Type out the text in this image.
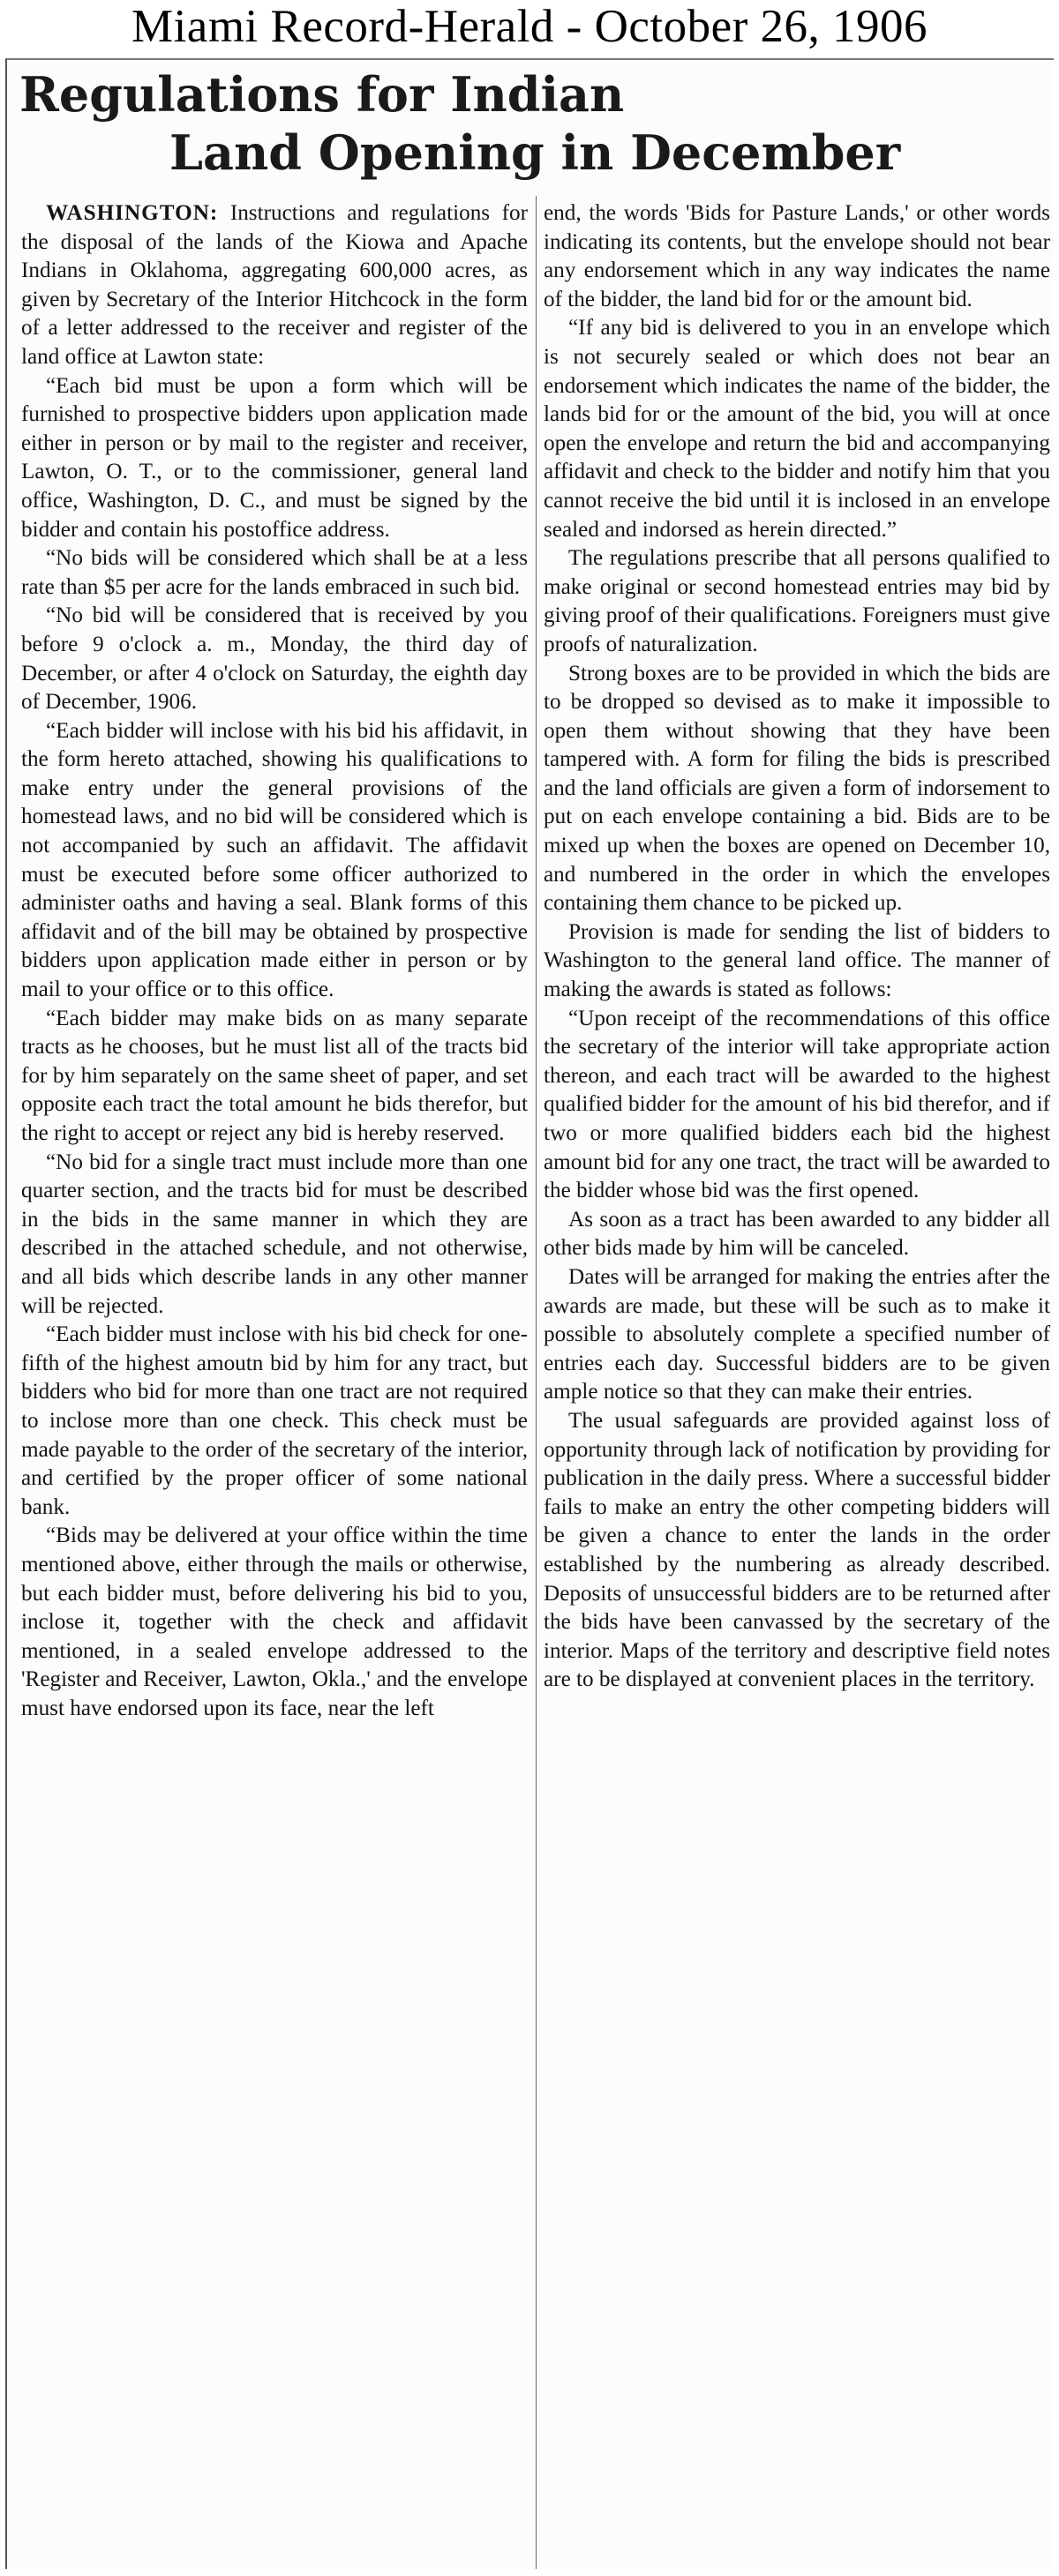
Miami Record-Herald - October 26, 1906
Regulations for Indian
Land Opening in December

WASHINGTON: Instructions and regulations for the disposal of the lands of the Kiowa and Apache Indians in Oklahoma, aggregating 600,000 acres, as given by Secretary of the Interior Hitchcock in the form of a letter addressed to the receiver and register of the land office at Lawton state:

“Each bid must be upon a form which will be furnished to prospective bidders upon application made either in person or by mail to the register and receiver, Lawton, O. T., or to the commissioner, general land office, Washington, D. C., and must be signed by the bidder and contain his postoffice address.

“No bids will be considered which shall be at a less rate than $5 per acre for the lands embraced in such bid.

“No bid will be considered that is received by you before 9 o'clock a. m., Monday, the third day of December, or after 4 o'clock on Saturday, the eighth day of December, 1906.

“Each bidder will inclose with his bid his affidavit, in the form hereto attached, showing his qualifications to make entry under the general provisions of the homestead laws, and no bid will be considered which is not accompanied by such an affidavit. The affidavit must be executed before some officer authorized to administer oaths and having a seal. Blank forms of this affidavit and of the bill may be obtained by prospective bidders upon application made either in person or by mail to your office or to this office.

“Each bidder may make bids on as many separate tracts as he chooses, but he must list all of the tracts bid for by him separately on the same sheet of paper, and set opposite each tract the total amount he bids therefor, but the right to accept or reject any bid is hereby reserved.

“No bid for a single tract must include more than one quarter section, and the tracts bid for must be described in the bids in the same manner in which they are described in the attached schedule, and not otherwise, and all bids which describe lands in any other manner will be rejected.

“Each bidder must inclose with his bid check for one-fifth of the highest amoutn bid by him for any tract, but bidders who bid for more than one tract are not required to inclose more than one check. This check must be made payable to the order of the secretary of the interior, and certified by the proper officer of some national bank.

“Bids may be delivered at your office within the time mentioned above, either through the mails or otherwise, but each bidder must, before delivering his bid to you, inclose it, together with the check and affidavit mentioned, in a sealed envelope addressed to the 'Register and Receiver, Lawton, Okla.,' and the envelope must have endorsed upon its face, near the left

end, the words 'Bids for Pasture Lands,' or other words indicating its contents, but the envelope should not bear any endorsement which in any way indicates the name of the bidder, the land bid for or the amount bid.

“If any bid is delivered to you in an envelope which is not securely sealed or which does not bear an endorsement which indicates the name of the bidder, the lands bid for or the amount of the bid, you will at once open the envelope and return the bid and accompanying affidavit and check to the bidder and notify him that you cannot receive the bid until it is inclosed in an envelope sealed and indorsed as herein directed.”

The regulations prescribe that all persons qualified to make original or second homestead entries may bid by giving proof of their qualifications. Foreigners must give proofs of naturalization.

Strong boxes are to be provided in which the bids are to be dropped so devised as to make it impossible to open them without showing that they have been tampered with. A form for filing the bids is prescribed and the land officials are given a form of indorsement to put on each envelope containing a bid. Bids are to be mixed up when the boxes are opened on December 10, and numbered in the order in which the envelopes containing them chance to be picked up.

Provision is made for sending the list of bidders to Washington to the general land office. The manner of making the awards is stated as follows:

“Upon receipt of the recommendations of this office the secretary of the interior will take appropriate action thereon, and each tract will be awarded to the highest qualified bidder for the amount of his bid therefor, and if two or more qualified bidders each bid the highest amount bid for any one tract, the tract will be awarded to the bidder whose bid was the first opened.

As soon as a tract has been awarded to any bidder all other bids made by him will be canceled.

Dates will be arranged for making the entries after the awards are made, but these will be such as to make it possible to absolutely complete a specified number of entries each day. Successful bidders are to be given ample notice so that they can make their entries.

The usual safeguards are provided against loss of opportunity through lack of notification by providing for publication in the daily press. Where a successful bidder fails to make an entry the other competing bidders will be given a chance to enter the lands in the order established by the numbering as already described. Deposits of unsuccessful bidders are to be returned after the bids have been canvassed by the secretary of the interior. Maps of the territory and descriptive field notes are to be displayed at convenient places in the territory.
